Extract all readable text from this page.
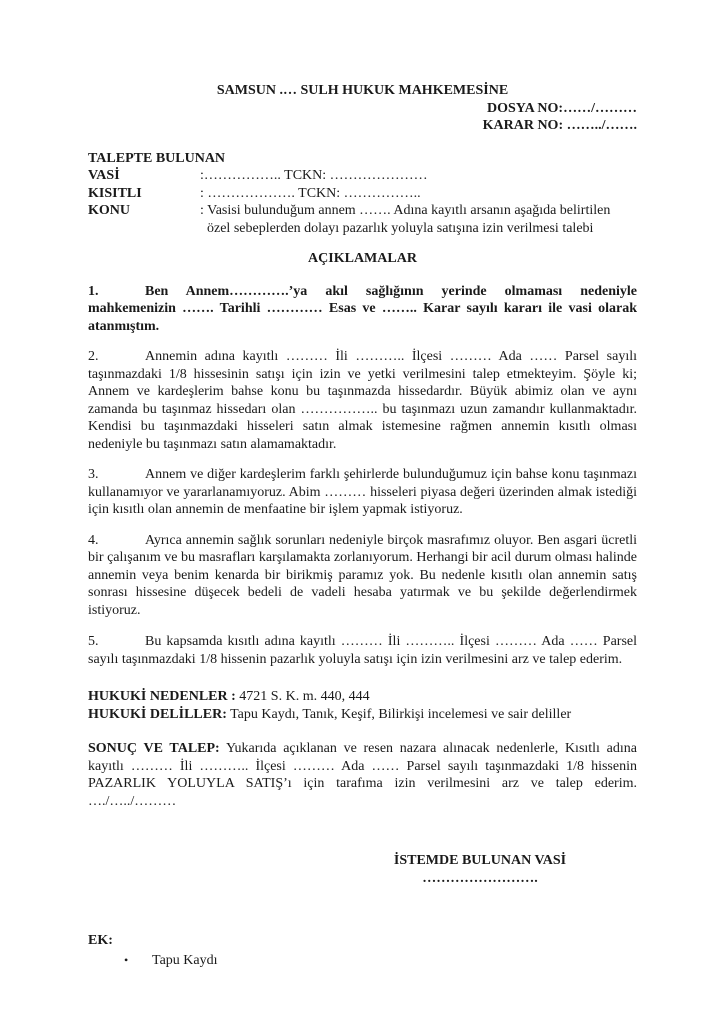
SAMSUN .… SULH HUKUK MAHKEMESİNE
DOSYA NO:……/………
KARAR NO: ……../…….
TALEPTE BULUNAN
VASİ	:…………….. TCKN: …………………
KISITLI	: ………………. TCKN: ……………..
KONU	: Vasisi bulunduğum annem ……. Adına kayıtlı arsanın aşağıda belirtilen özel sebeplerden dolayı pazarlık yoluyla satışına izin verilmesi talebi
AÇIKLAMALAR

1.	Ben Annem………….’ya akıl sağlığının yerinde olmaması nedeniyle mahkemenizin ……. Tarihli ………… Esas ve …….. Karar sayılı kararı ile vasi olarak atanmıştım.

2.	Annemin adına kayıtlı ……… İli ……….. İlçesi ……… Ada …… Parsel sayılı taşınmazdaki 1/8 hissesinin satışı için izin ve yetki verilmesini talep etmekteyim. Şöyle ki; Annem ve kardeşlerim bahse konu bu taşınmazda hissedardır. Büyük abimiz olan ve aynı zamanda bu taşınmaz hissedarı olan …………….. bu taşınmazı uzun zamandır kullanmaktadır. Kendisi bu taşınmazdaki hisseleri satın almak istemesine rağmen annemin kısıtlı olması nedeniyle bu taşınmazı satın alamamaktadır.

3.	Annem ve diğer kardeşlerim farklı şehirlerde bulunduğumuz için bahse konu taşınmazı kullanamıyor ve yararlanamıyoruz. Abim ……… hisseleri piyasa değeri üzerinden almak istediği için kısıtlı olan annemin de menfaatine bir işlem yapmak istiyoruz.

4.	Ayrıca annemin sağlık sorunları nedeniyle birçok masrafımız oluyor. Ben asgari ücretli bir çalışanım ve bu masrafları karşılamakta zorlanıyorum. Herhangi bir acil durum olması halinde annemin veya benim kenarda bir birikmiş paramız yok. Bu nedenle kısıtlı olan annemin satış sonrası hissesine düşecek bedeli de vadeli hesaba yatırmak ve bu şekilde değerlendirmek istiyoruz.

5.	Bu kapsamda kısıtlı adına kayıtlı ……… İli ……….. İlçesi ……… Ada …… Parsel sayılı taşınmazdaki 1/8 hissenin pazarlık yoluyla satışı için izin verilmesini arz ve talep ederim.

HUKUKİ NEDENLER : 4721 S. K. m. 440, 444
HUKUKİ DELİLLER: Tapu Kaydı, Tanık, Keşif, Bilirkişi incelemesi ve sair deliller

SONUÇ VE TALEP: Yukarıda açıklanan ve resen nazara alınacak nedenlerle, Kısıtlı adına kayıtlı ……… İli ……….. İlçesi ……… Ada …… Parsel sayılı taşınmazdaki 1/8 hissenin PAZARLIK YOLUYLA SATIŞ’ı için tarafıma izin verilmesini arz ve talep ederim. …./…../………

İSTEMDE BULUNAN VASİ
…………………….
EK:
•	Tapu Kaydı
